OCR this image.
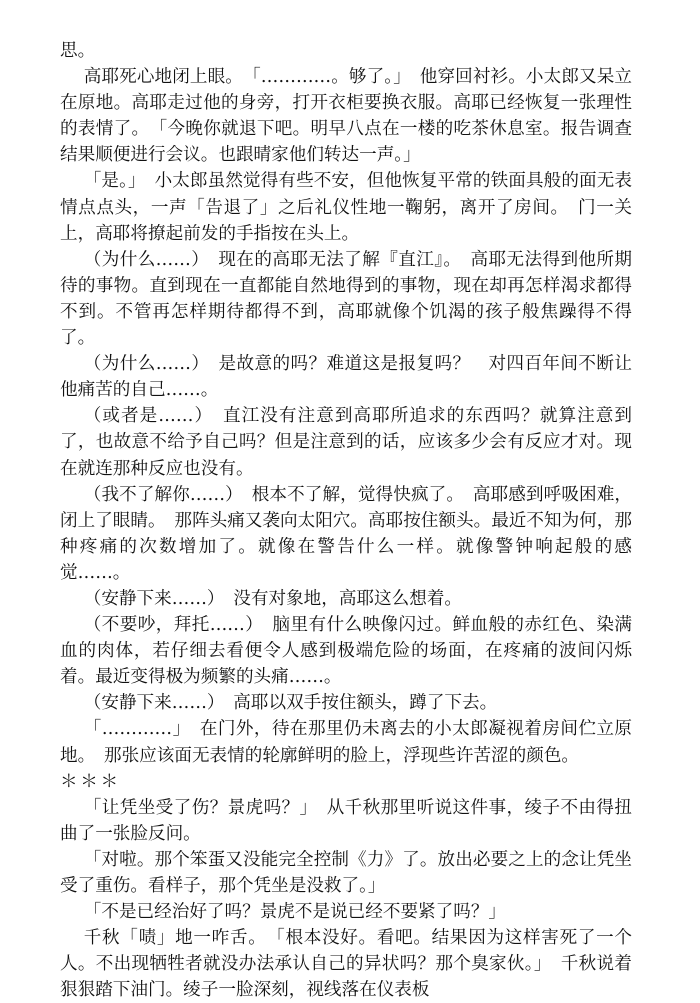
思。

高耶死心地闭上眼。　「…………。够了。」　他穿回衬衫。小太郎又呆立在原地。高耶走过他的身旁，打开衣柜要换衣服。高耶已经恢复一张理性的表情了。　「今晚你就退下吧。明早八点在一楼的吃茶休息室。报告调查结果顺便进行会议。也跟晴家他们转达一声。」

「是。」　小太郎虽然觉得有些不安，但他恢复平常的铁面具般的面无表情点点头，一声「告退了」之后礼仪性地一鞠躬，离开了房间。　门一关上，高耶将撩起前发的手指按在头上。

（为什么……）　现在的高耶无法了解『直江』。　高耶无法得到他所期待的事物。直到现在一直都能自然地得到的事物，现在却再怎样渴求都得不到。不管再怎样期待都得不到，高耶就像个饥渴的孩子般焦躁得不得了。

（为什么……）　是故意的吗？难道这是报复吗？　对四百年间不断让他痛苦的自己……。

（或者是……）　直江没有注意到高耶所追求的东西吗？就算注意到了，也故意不给予自己吗？但是注意到的话，应该多少会有反应才对。现在就连那种反应也没有。

（我不了解你……）　根本不了解，觉得快疯了。　高耶感到呼吸困难，闭上了眼睛。　那阵头痛又袭向太阳穴。高耶按住额头。最近不知为何，那种疼痛的次数增加了。就像在警告什么一样。就像警钟响起般的感觉……。

（安静下来……）　没有对象地，高耶这么想着。

（不要吵，拜托……）　脑里有什么映像闪过。鲜血般的赤红色、染满血的肉体，若仔细去看便令人感到极端危险的场面，在疼痛的波间闪烁着。最近变得极为频繁的头痛……。

（安静下来……）　高耶以双手按住额头，蹲了下去。

「…………」　在门外，待在那里仍未离去的小太郎凝视着房间伫立原地。　那张应该面无表情的轮廓鲜明的脸上，浮现些许苦涩的颜色。

＊＊＊

「让凭坐受了伤？景虎吗？」　从千秋那里听说这件事，绫子不由得扭曲了一张脸反问。

「对啦。那个笨蛋又没能完全控制《力》了。放出必要之上的念让凭坐受了重伤。看样子，那个凭坐是没救了。」

「不是已经治好了吗？景虎不是说已经不要紧了吗？」

千秋「啧」地一咋舌。　「根本没好。看吧。结果因为这样害死了一个人。不出现牺牲者就没办法承认自己的异状吗？那个臭家伙。」　千秋说着狠狠踏下油门。绫子一脸深刻，视线落在仪表板
